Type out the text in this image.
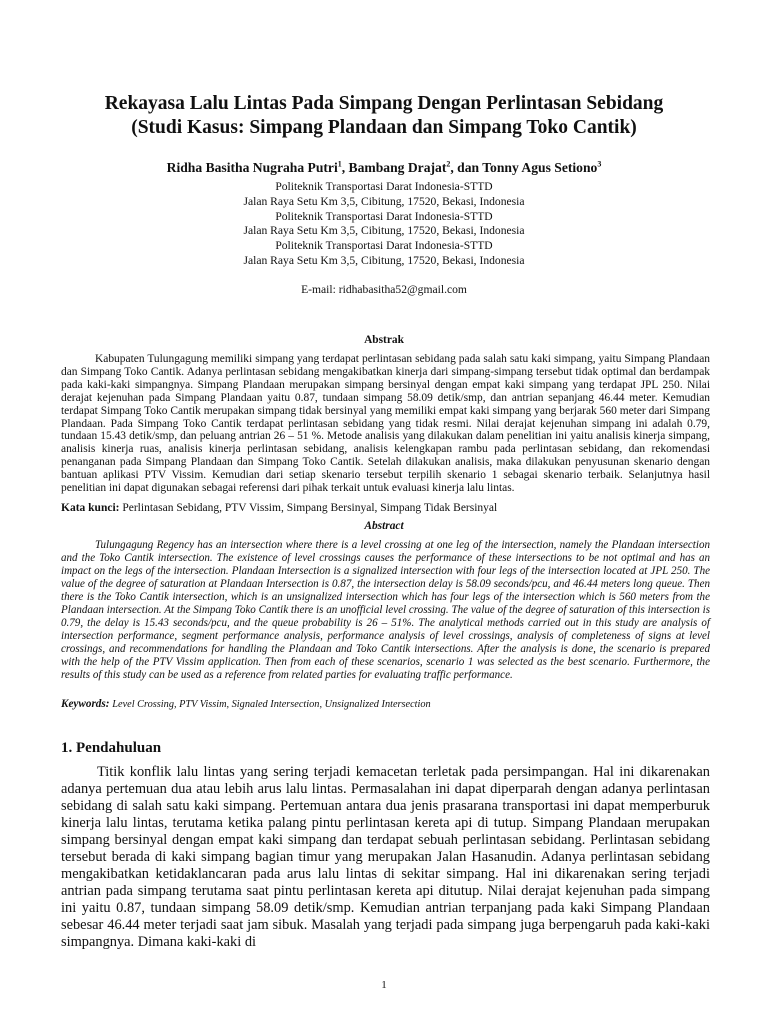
Rekayasa Lalu Lintas Pada Simpang Dengan Perlintasan Sebidang
(Studi Kasus: Simpang Plandaan dan Simpang Toko Cantik)
Ridha Basitha Nugraha Putri$^1$, Bambang Drajat$^2$, dan Tonny Agus Setiono$^3$
Politeknik Transportasi Darat Indonesia-STTD
Jalan Raya Setu Km 3,5, Cibitung, 17520, Bekasi, Indonesia
Politeknik Transportasi Darat Indonesia-STTD
Jalan Raya Setu Km 3,5, Cibitung, 17520, Bekasi, Indonesia
Politeknik Transportasi Darat Indonesia-STTD
Jalan Raya Setu Km 3,5, Cibitung, 17520, Bekasi, Indonesia
E-mail: ridhabasitha52@gmail.com
Abstrak
Kabupaten Tulungagung memiliki simpang yang terdapat perlintasan sebidang pada salah satu kaki simpang, yaitu Simpang Plandaan dan Simpang Toko Cantik. Adanya perlintasan sebidang mengakibatkan kinerja dari simpang-simpang tersebut tidak optimal dan berdampak pada kaki-kaki simpangnya. Simpang Plandaan merupakan simpang bersinyal dengan empat kaki simpang yang terdapat JPL 250. Nilai derajat kejenuhan pada Simpang Plandaan yaitu 0.87, tundaan simpang 58.09 detik/smp, dan antrian sepanjang 46.44 meter. Kemudian terdapat Simpang Toko Cantik merupakan simpang tidak bersinyal yang memiliki empat kaki simpang yang berjarak 560 meter dari Simpang Plandaan. Pada Simpang Toko Cantik terdapat perlintasan sebidang yang tidak resmi. Nilai derajat kejenuhan simpang ini adalah 0.79, tundaan 15.43 detik/smp, dan peluang antrian 26 – 51 %. Metode analisis yang dilakukan dalam penelitian ini yaitu analisis kinerja simpang, analisis kinerja ruas, analisis kinerja perlintasan sebidang, analisis kelengkapan rambu pada perlintasan sebidang, dan rekomendasi penanganan pada Simpang Plandaan dan Simpang Toko Cantik. Setelah dilakukan analisis, maka dilakukan penyusunan skenario dengan bantuan aplikasi PTV Vissim. Kemudian dari setiap skenario tersebut terpilih skenario 1 sebagai skenario terbaik. Selanjutnya hasil penelitian ini dapat digunakan sebagai referensi dari pihak terkait untuk evaluasi kinerja lalu lintas.
Kata kunci: Perlintasan Sebidang, PTV Vissim, Simpang Bersinyal, Simpang Tidak Bersinyal
Abstract
Tulungagung Regency has an intersection where there is a level crossing at one leg of the intersection, namely the Plandaan intersection and the Toko Cantik intersection. The existence of level crossings causes the performance of these intersections to be not optimal and has an impact on the legs of the intersection. Plandaan Intersection is a signalized intersection with four legs of the intersection located at JPL 250. The value of the degree of saturation at Plandaan Intersection is 0.87, the intersection delay is 58.09 seconds/pcu, and 46.44 meters long queue. Then there is the Toko Cantik intersection, which is an unsignalized intersection which has four legs of the intersection which is 560 meters from the Plandaan intersection. At the Simpang Toko Cantik there is an unofficial level crossing. The value of the degree of saturation of this intersection is 0.79, the delay is 15.43 seconds/pcu, and the queue probability is 26 – 51%. The analytical methods carried out in this study are analysis of intersection performance, segment performance analysis, performance analysis of level crossings, analysis of completeness of signs at level crossings, and recommendations for handling the Plandaan and Toko Cantik intersections. After the analysis is done, the scenario is prepared with the help of the PTV Vissim application. Then from each of these scenarios, scenario 1 was selected as the best scenario. Furthermore, the results of this study can be used as a reference from related parties for evaluating traffic performance.
Keywords: Level Crossing, PTV Vissim, Signaled Intersection, Unsignalized Intersection
1. Pendahuluan
Titik konflik lalu lintas yang sering terjadi kemacetan terletak pada persimpangan. Hal ini dikarenakan adanya pertemuan dua atau lebih arus lalu lintas. Permasalahan ini dapat diperparah dengan adanya perlintasan sebidang di salah satu kaki simpang. Pertemuan antara dua jenis prasarana transportasi ini dapat memperburuk kinerja lalu lintas, terutama ketika palang pintu perlintasan kereta api di tutup. Simpang Plandaan merupakan simpang bersinyal dengan empat kaki simpang dan terdapat sebuah perlintasan sebidang. Perlintasan sebidang tersebut berada di kaki simpang bagian timur yang merupakan Jalan Hasanudin. Adanya perlintasan sebidang mengakibatkan ketidaklancaran pada arus lalu lintas di sekitar simpang. Hal ini dikarenakan sering terjadi antrian pada simpang terutama saat pintu perlintasan kereta api ditutup. Nilai derajat kejenuhan pada simpang ini yaitu 0.87, tundaan simpang 58.09 detik/smp. Kemudian antrian terpanjang pada kaki Simpang Plandaan sebesar 46.44 meter terjadi saat jam sibuk. Masalah yang terjadi pada simpang juga berpengaruh pada kaki-kaki simpangnya. Dimana kaki-kaki di
1
